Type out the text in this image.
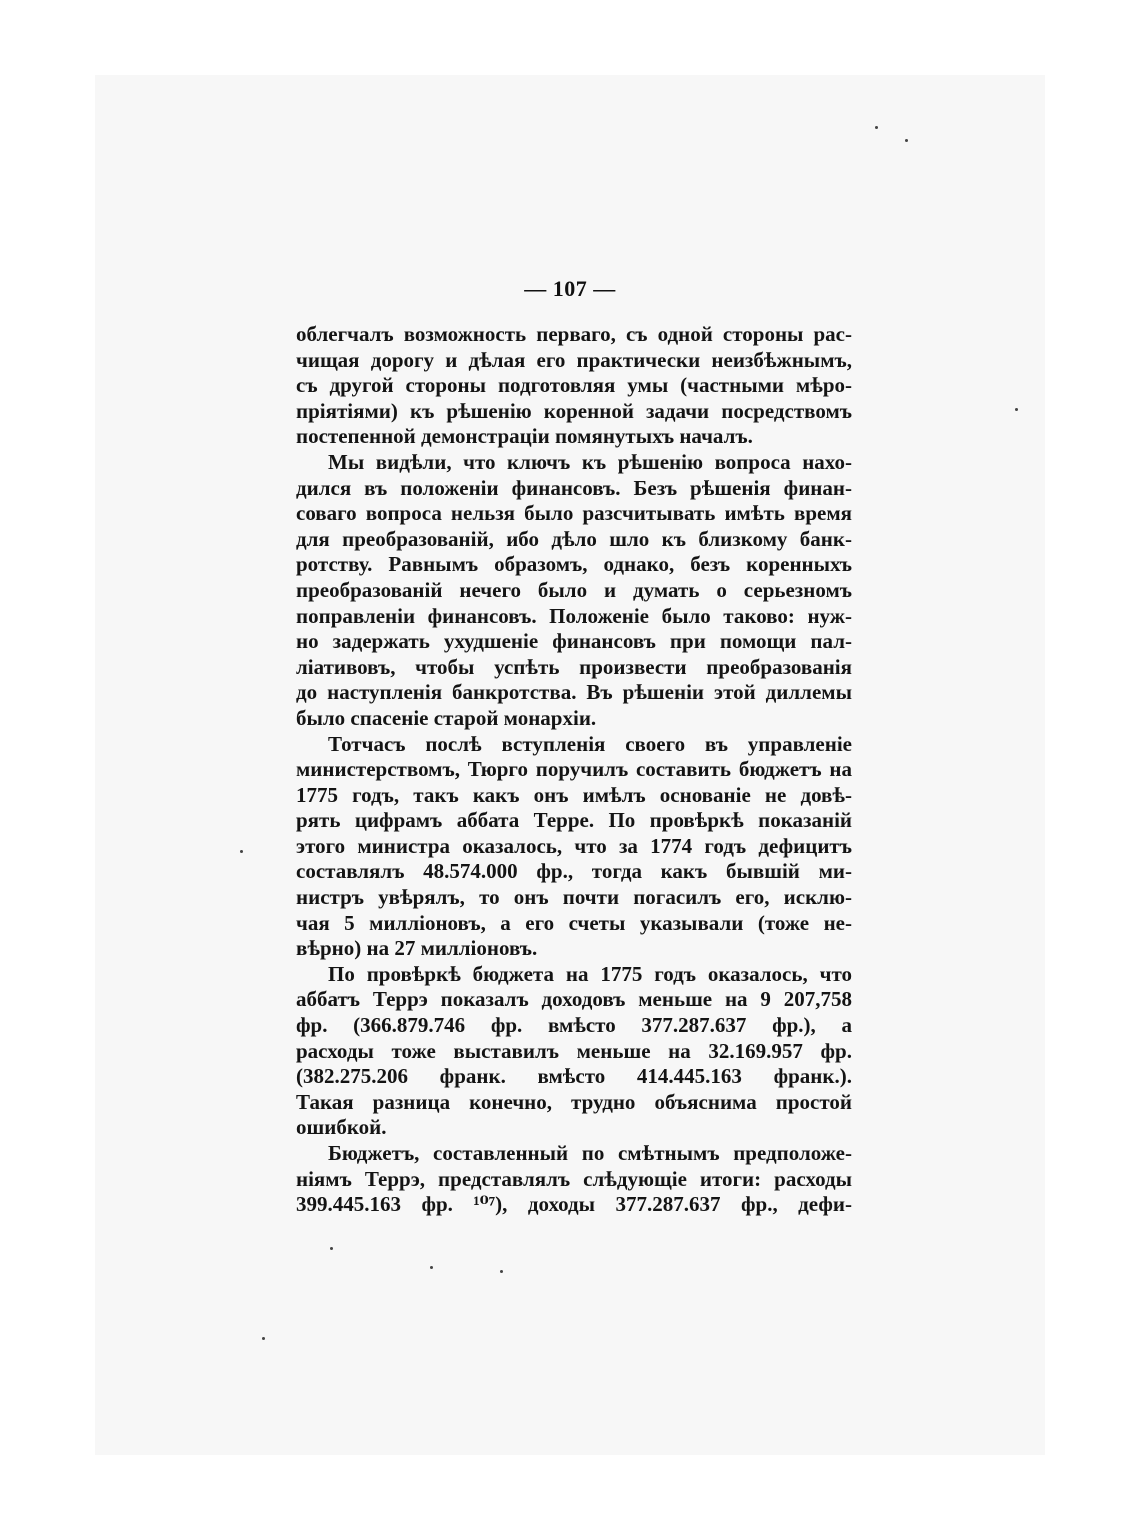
— 107 —
облегчалъ возможность перваго, съ одной стороны рас-
чищая дорогу и дѣлая его практически неизбѣжнымъ,
съ другой стороны подготовляя умы (частными мѣро-
пріятіями) къ рѣшенію коренной задачи посредствомъ
постепенной демонстраціи помянутыхъ началъ.
Мы видѣли, что ключъ къ рѣшенію вопроса нахо-
дился въ положеніи финансовъ. Безъ рѣшенія финан-
соваго вопроса нельзя было разсчитывать имѣть время
для преобразованій, ибо дѣло шло къ близкому банк-
ротству. Равнымъ образомъ, однако, безъ коренныхъ
преобразованій нечего было и думать о серьезномъ
поправленіи финансовъ. Положеніе было таково: нуж-
но задержать ухудшеніе финансовъ при помощи пал-
ліативовъ, чтобы успѣть произвести преобразованія
до наступленія банкротства. Въ рѣшеніи этой диллемы
было спасеніе старой монархіи.
Тотчасъ послѣ вступленія своего въ управленіе
министерствомъ, Тюрго поручилъ составить бюджетъ на
1775 годъ, такъ какъ онъ имѣлъ основаніе не довѣ-
рять цифрамъ аббата Терре. По провѣркѣ показаній
этого министра оказалось, что за 1774 годъ дефицитъ
составлялъ 48.574.000 фр., тогда какъ бывшій ми-
нистръ увѣрялъ, то онъ почти погасилъ его, исклю-
чая 5 милліоновъ, а его счеты указывали (тоже не-
вѣрно) на 27 милліоновъ.
По провѣркѣ бюджета на 1775 годъ оказалось, что
аббатъ Террэ показалъ доходовъ меньше на 9 207,758
фр. (366.879.746 фр. вмѣсто 377.287.637 фр.), а
расходы тоже выставилъ меньше на 32.169.957 фр.
(382.275.206 франк. вмѣсто 414.445.163 франк.).
Такая разница конечно, трудно объяснима простой
ошибкой.
Бюджетъ, составленный по смѣтнымъ предположе-
ніямъ Террэ, представлялъ слѣдующіе итоги: расходы
399.445.163 фр. ¹⁰⁷), доходы 377.287.637 фр., дефи-
